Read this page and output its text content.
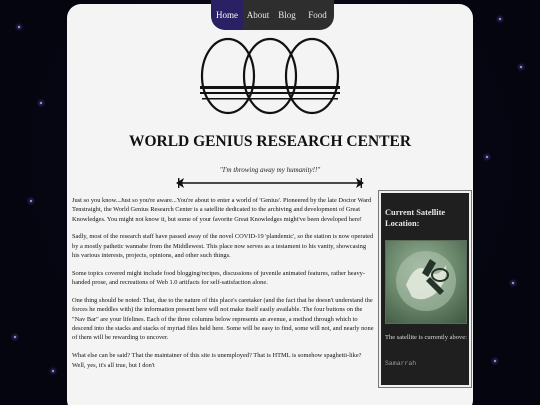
Home About Blog	Food
WORLD GENIUS RESEARCH CENTER
"I'm throwing away my humanity!!"

Just so you know...Just so you're aware...You're about to enter a world of 'Genius'. Pioneered by the late Doctor Ward Tenstraight, the World Genius Research Center is a satellite dedicated to the archiving and development of Great Knowledges. You might not know it, but some of your favorite Great Knowledges might've been developed here!

Sadly, most of the research staff have passed away of the novel COVID-19 'plandemic', so the station is now operated by a mostly pathetic wannabe from the Middlewest. This place now serves as a testament to his vanity, showcasing his various interests, projects, opinions, and other such things.

Some topics covered might include food blogging/recipes, discussions of juvenile animated features, rather heavy-handed prose, and recreations of Web 1.0 artifacts for self-satisfaction alone.

One thing should be noted: That, due to the nature of this place's caretaker (and the fact that he doesn't understand the forces he meddles with) the information present here will not make itself easily available. The four buttons on the "Nav Bar" are your lifelines. Each of the three columns below represents an avenue, a method through which to descend into the stacks and stacks of myriad files held here. Some will be easy to find, some will not, and nearly none of them will be rewarding to uncover.

What else can be said? That the maintainer of this site is unemployed? That is HTML is somehow spaghetti-like? Well, yes, it's all true, but I don't

Current Satellite Location:
The satellite is currently above:
Samarrah
